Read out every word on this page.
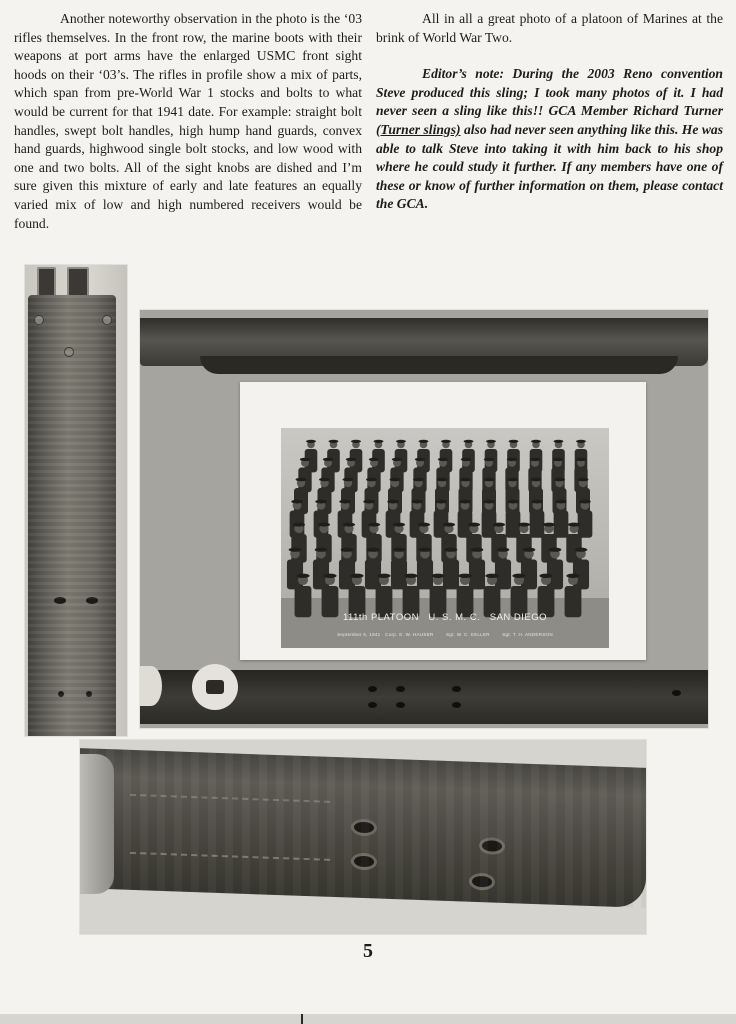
Another noteworthy observation in the photo is the ‘03 rifles themselves. In the front row, the marine boots with their weapons at port arms have the enlarged USMC front sight hoods on their ‘03’s. The rifles in profile show a mix of parts, which span from pre-World War 1 stocks and bolts to what would be current for that 1941 date. For example: straight bolt handles, swept bolt handles, high hump hand guards, convex hand guards, highwood single bolt stocks, and low wood with one and two bolts. All of the sight knobs are dished and I’m sure given this mixture of early and late features an equally varied mix of low and high numbered receivers would be found.

All in all a great photo of a platoon of Marines at the brink of World War Two.

Editor’s note: During the 2003 Reno convention Steve produced this sling; I took many photos of it. I had never seen a sling like this!! GCA Member Richard Turner (Turner slings) also had never seen anything like this. He was able to talk Steve into taking it with him back to his shop where he could study it further. If any members have one of these or know of further information on them, please contact the GCA.

111th PLATOON   U. S. M. C.   SAN DIEGO
September 6, 1941 Corp. E. W. HAUSER        Sgt. W. C. KELLER        Sgt. T. H. ANDERSON
5
